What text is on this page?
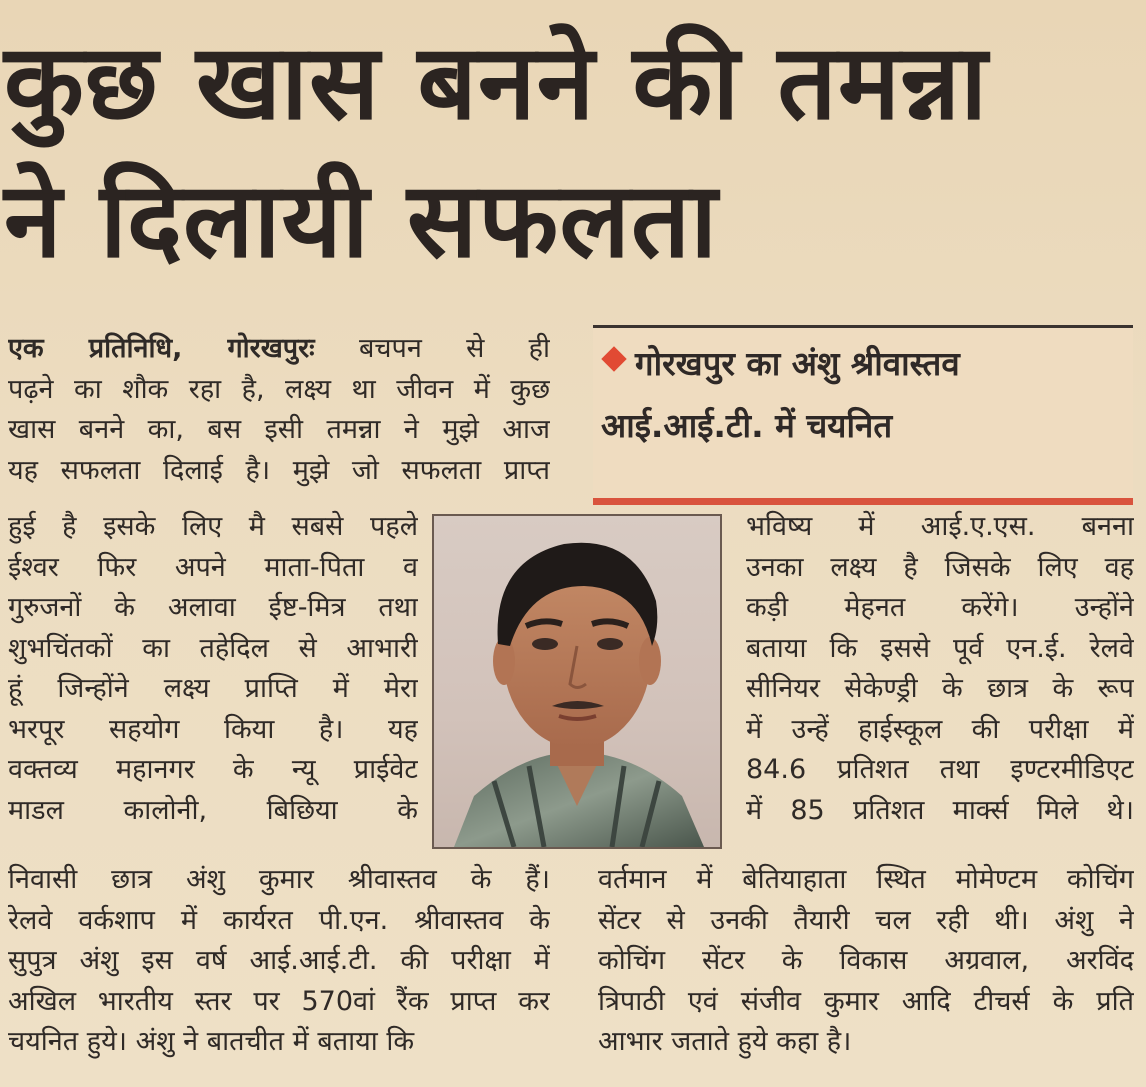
कुछ खास बनने की तमन्ना
ने दिलायी सफलता
एक प्रतिनिधि, गोरखपुरः बचपन से ही
पढ़ने का शौक रहा है, लक्ष्य था जीवन में कुछ
खास बनने का, बस इसी तमन्ना ने मुझे आज
यह सफलता दिलाई है। मुझे जो सफलता प्राप्त
हुई है इसके लिए मै सबसे पहले
ईश्वर फिर अपने माता-पिता व
गुरुजनों के अलावा ईष्ट-मित्र तथा
शुभचिंतकों का तहेदिल से आभारी
हूं जिन्होंने लक्ष्य प्राप्ति में मेरा
भरपूर सहयोग किया है। यह
वक्तव्य महानगर के न्यू प्राईवेट
माडल कालोनी, बिछिया के
निवासी छात्र अंशु कुमार श्रीवास्तव के हैं।
रेलवे वर्कशाप में कार्यरत पी.एन. श्रीवास्तव के
सुपुत्र अंशु इस वर्ष आई.आई.टी. की परीक्षा में
अखिल भारतीय स्तर पर 570वां रैंक प्राप्त कर
चयनित हुये। अंशु ने बातचीत में बताया कि
गोरखपुर का अंशु श्रीवास्तव
आई.आई.टी. में चयनित
भविष्य में आई.ए.एस. बनना
उनका लक्ष्य है जिसके लिए वह
कड़ी मेहनत करेंगे। उन्होंने
बताया कि इससे पूर्व एन.ई. रेलवे
सीनियर सेकेण्ड्री के छात्र के रूप
में उन्हें हाईस्कूल की परीक्षा में
84.6 प्रतिशत तथा इण्टरमीडिएट
में 85 प्रतिशत मार्क्स मिले थे।
वर्तमान में बेतियाहाता स्थित मोमेण्टम कोचिंग
सेंटर से उनकी तैयारी चल रही थी। अंशु ने
कोचिंग सेंटर के विकास अग्रवाल, अरविंद
त्रिपाठी एवं संजीव कुमार आदि टीचर्स के प्रति
आभार जताते हुये कहा है।
